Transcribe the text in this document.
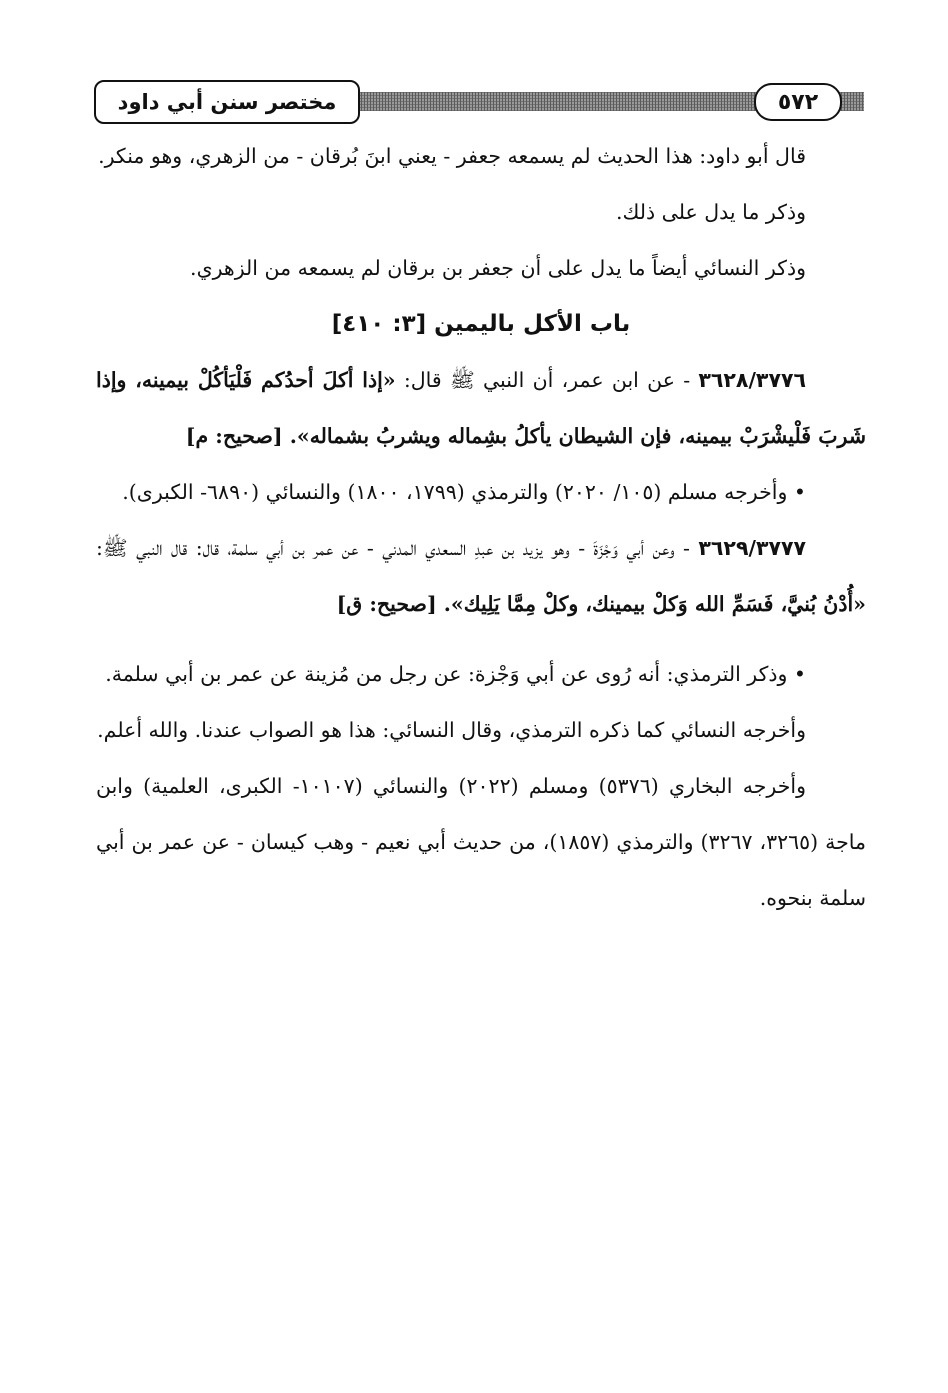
مختصر سنن أبي داود	٥٧٢

قال أبو داود: هذا الحديث لم يسمعه جعفر - يعني ابنَ بُرقان - من الزهري، وهو منكر.

وذكر ما يدل على ذلك.

وذكر النسائي أيضاً ما يدل على أن جعفر بن برقان لم يسمعه من الزهري.

باب الأكل باليمين [٣: ٤١٠]

٣٦٢٨/٣٧٧٦ - عن ابن عمر، أن النبي ﷺ قال: «إذا أكلَ أحدُكم فَلْيَأكُلْ بيمينه، وإذا شَربَ فَلْيشْرَبْ بيمينه، فإن الشيطان يأكلُ بشِماله ويشربُ بشماله». [صحيح: م]

• وأخرجه مسلم (١٠٥/ ٢٠٢٠) والترمذي (١٧٩٩، ١٨٠٠) والنسائي (٦٨٩٠- الكبرى).

٣٦٢٩/٣٧٧٧ - وعن أبي وَجْزَةَ - وهو يزيد بن عبدِ السعدي المدني - عن عمر بن أبي سلمة، قال: قال النبي ﷺ: «أُدْنُ بُنيَّ، فَسَمِّ الله وَكلْ بيمينك، وكلْ مِمَّا يَلِيك». [صحيح: ق]

• وذكر الترمذي: أنه رُوى عن أبي وَجْزة: عن رجل من مُزينة عن عمر بن أبي سلمة.

وأخرجه النسائي كما ذكره الترمذي، وقال النسائي: هذا هو الصواب عندنا. والله أعلم.

وأخرجه البخاري (٥٣٧٦) ومسلم (٢٠٢٢) والنسائي (١٠١٠٧- الكبرى، العلمية) وابن ماجة (٣٢٦٥، ٣٢٦٧) والترمذي (١٨٥٧)، من حديث أبي نعيم - وهب كيسان - عن عمر بن أبي سلمة بنحوه.
